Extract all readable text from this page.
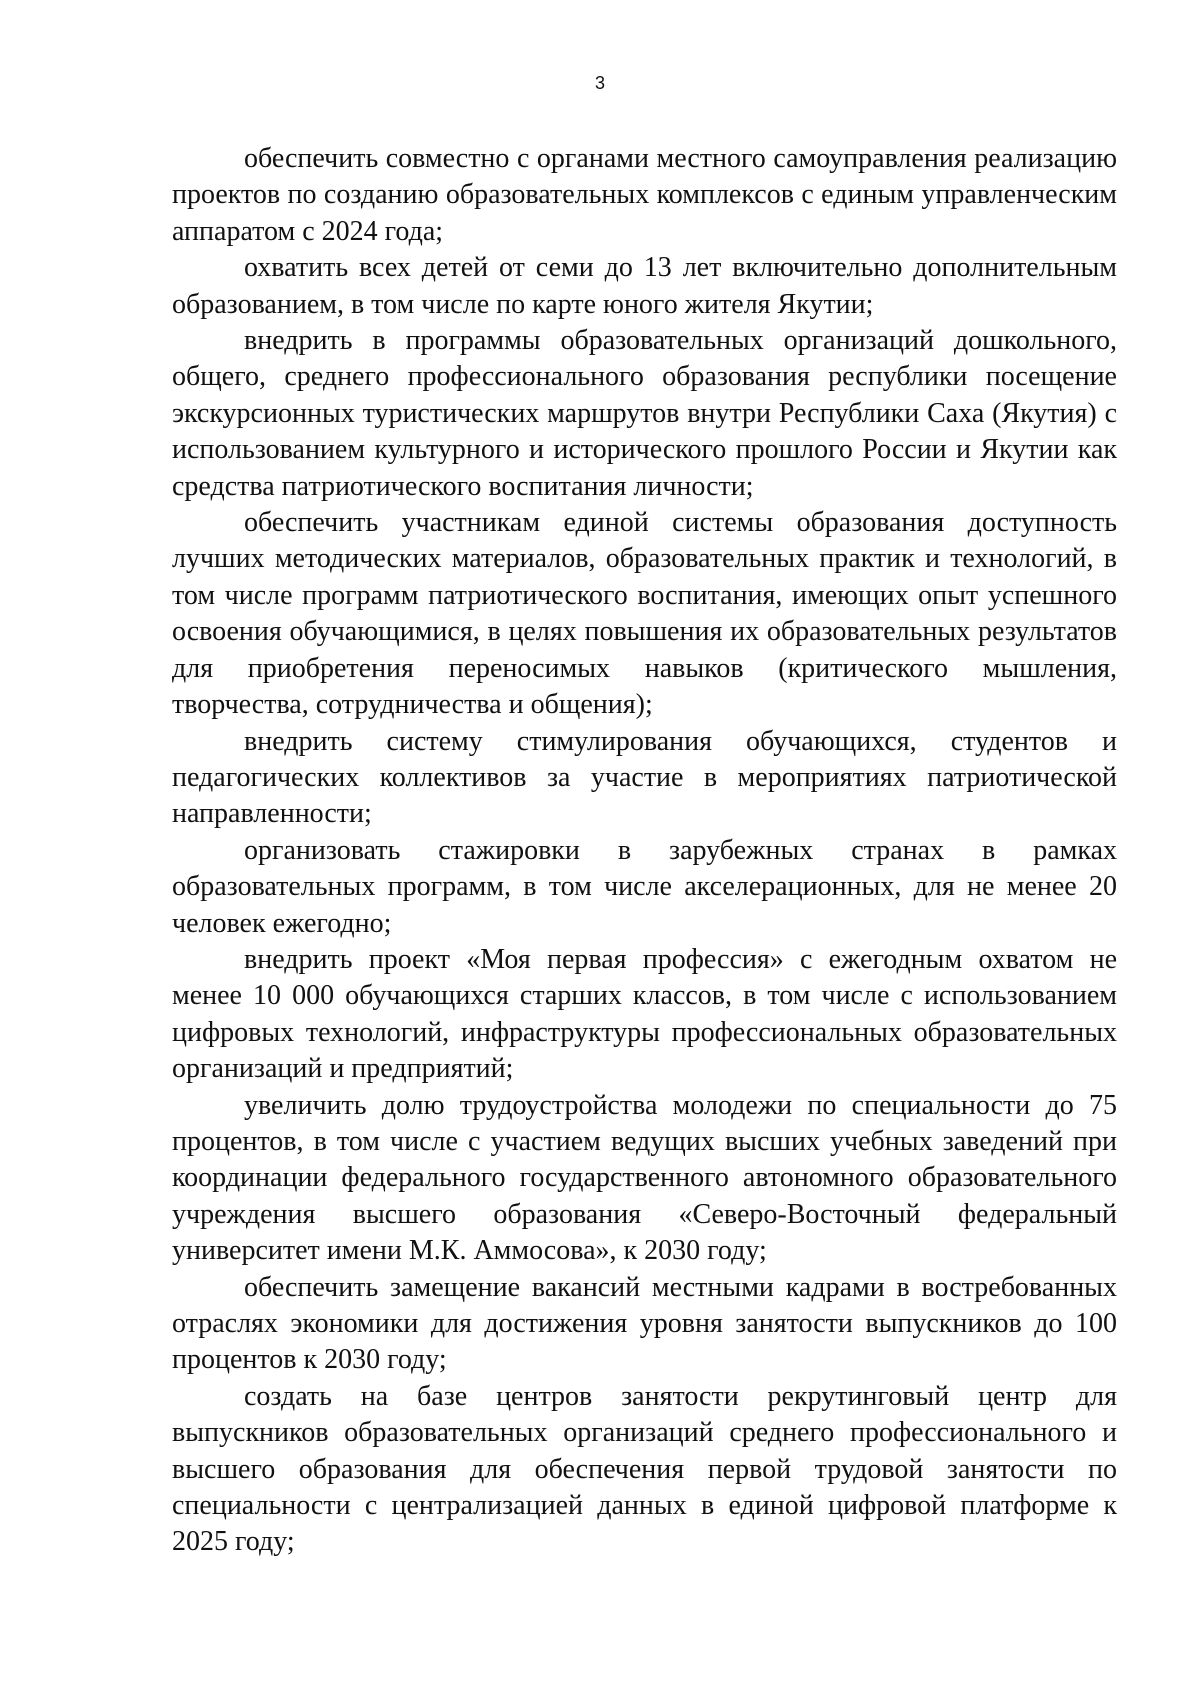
3

обеспечить совместно с органами местного самоуправления реализацию проектов по созданию образовательных комплексов с единым управленческим аппаратом с 2024 года;

охватить всех детей от семи до 13 лет включительно дополнительным образованием, в том числе по карте юного жителя Якутии;

внедрить в программы образовательных организаций дошкольного, общего, среднего профессионального образования республики посещение экскурсионных туристических маршрутов внутри Республики Саха (Якутия) с использованием культурного и исторического прошлого России и Якутии как средства патриотического воспитания личности;

обеспечить участникам единой системы образования доступность лучших методических материалов, образовательных практик и технологий, в том числе программ патриотического воспитания, имеющих опыт успешного освоения обучающимися, в целях повышения их образовательных результатов для приобретения переносимых навыков (критического мышления, творчества, сотрудничества и общения);

внедрить систему стимулирования обучающихся, студентов и педагогических коллективов за участие в мероприятиях патриотической направленности;

организовать стажировки в зарубежных странах в рамках образовательных программ, в том числе акселерационных, для не менее 20 человек ежегодно;

внедрить проект «Моя первая профессия» с ежегодным охватом не менее 10 000 обучающихся старших классов, в том числе с использованием цифровых технологий, инфраструктуры профессиональных образовательных организаций и предприятий;

увеличить долю трудоустройства молодежи по специальности до 75 процентов, в том числе с участием ведущих высших учебных заведений при координации федерального государственного автономного образовательного учреждения высшего образования «Северо-Восточный федеральный университет имени М.К. Аммосова», к 2030 году;

обеспечить замещение вакансий местными кадрами в востребованных отраслях экономики для достижения уровня занятости выпускников до 100 процентов к 2030 году;

создать на базе центров занятости рекрутинговый центр для выпускников образовательных организаций среднего профессионального и высшего образования для обеспечения первой трудовой занятости по специальности с централизацией данных в единой цифровой платформе к 2025 году;
